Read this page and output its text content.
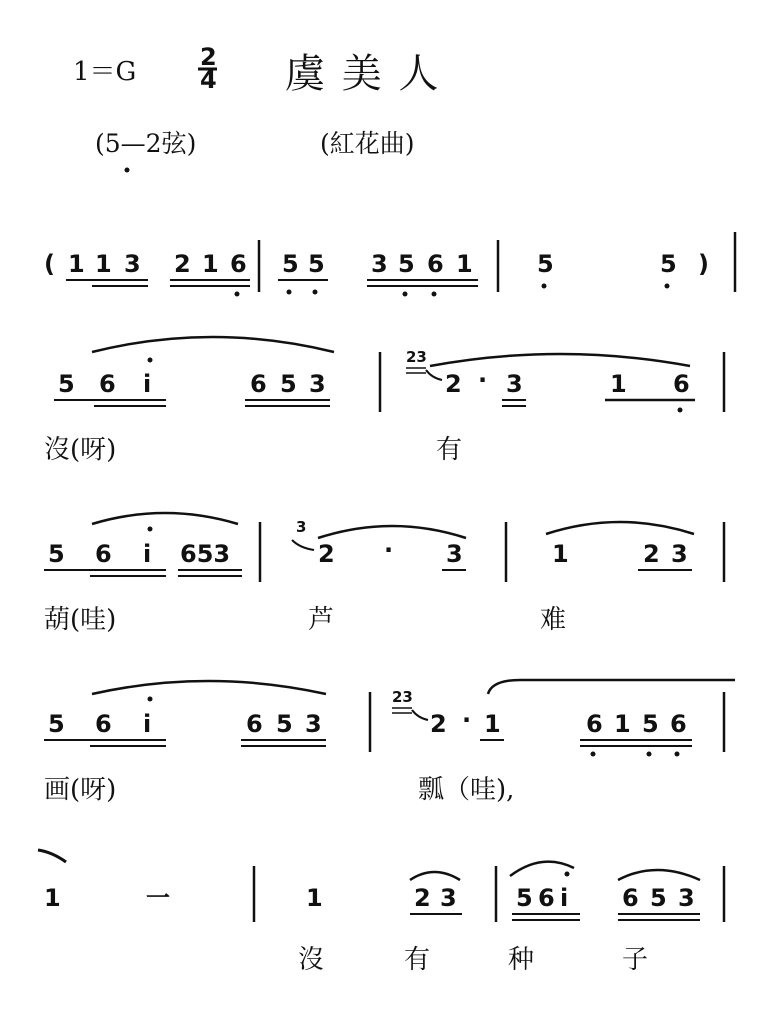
1＝G	2
4 虞 美 人
(5—2弦)	(紅花曲)
( 1 1 3 2 1 6 5 5 3 5 6 1	5	5 )
5 6 i	6 5 3
23
2 · 3	1 6
沒(呀)	有
5 6 i 653
3
2 · 3	1	2 3
葫(哇)	芦	难
5 6 i	6 5 3
23
2 · 1	6 1 5 6
画(呀)	瓢（哇),
1	一	1	2 3 5 6 i 6 5 3
沒	有	种	子
